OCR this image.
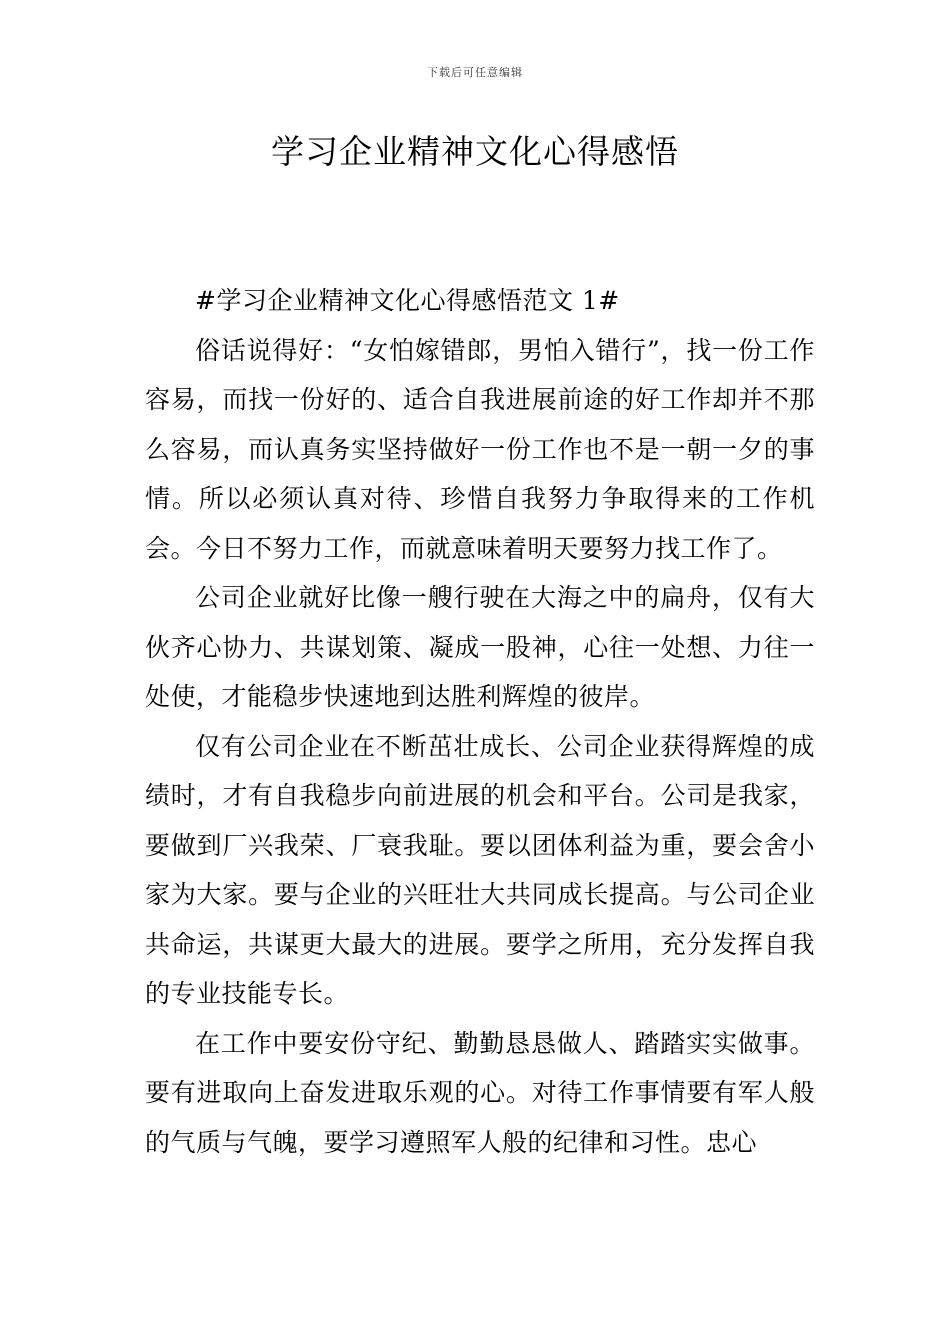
下载后可任意编辑
学习企业精神文化心得感悟

#学习企业精神文化心得感悟范文 1#

俗话说得好：“女怕嫁错郎，男怕入错行”，找一份工作容易，而找一份好的、适合自我进展前途的好工作却并不那么容易，而认真务实坚持做好一份工作也不是一朝一夕的事情。所以必须认真对待、珍惜自我努力争取得来的工作机会。今日不努力工作，而就意味着明天要努力找工作了。

公司企业就好比像一艘行驶在大海之中的扁舟，仅有大伙齐心协力、共谋划策、凝成一股神，心往一处想、力往一处使，才能稳步快速地到达胜利辉煌的彼岸。

仅有公司企业在不断茁壮成长、公司企业获得辉煌的成绩时，才有自我稳步向前进展的机会和平台。公司是我家，要做到厂兴我荣、厂衰我耻。要以团体利益为重，要会舍小家为大家。要与企业的兴旺壮大共同成长提高。与公司企业共命运，共谋更大最大的进展。要学之所用，充分发挥自我的专业技能专长。

在工作中要安份守纪、勤勤恳恳做人、踏踏实实做事。要有进取向上奋发进取乐观的心。对待工作事情要有军人般的气质与气魄，要学习遵照军人般的纪律和习性。忠心
